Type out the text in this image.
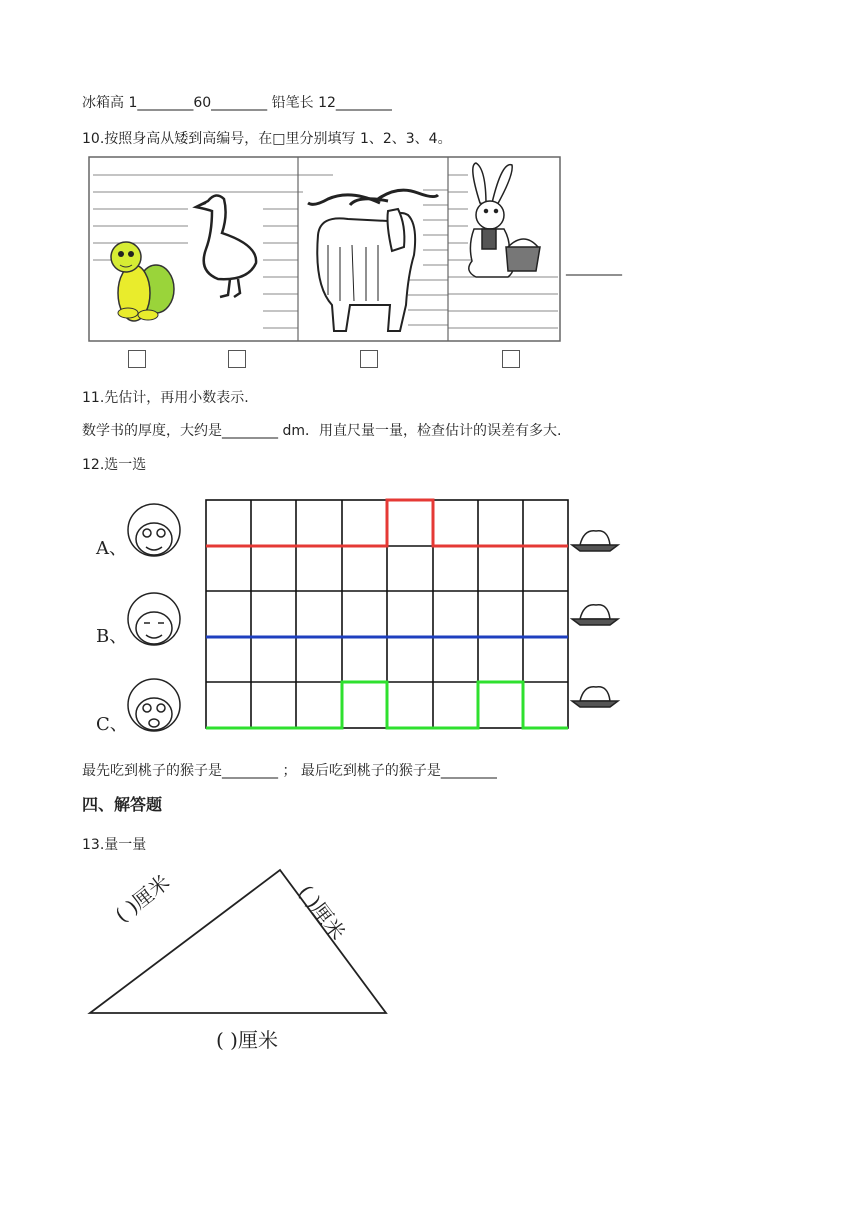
冰箱高 1________60________ 铅笔长 12________
10.按照身高从矮到高编号，在□里分别填写 1、2、3、4。
________
11.先估计，再用小数表示.
数学书的厚度，大约是________ dm．用直尺量一量，检查估计的误差有多大.
12.选一选
A、
B、
C、
最先吃到桃子的猴子是________ ； 最后吃到桃子的猴子是________
四、解答题
13.量一量
( )厘米	( )厘米
( )厘米
